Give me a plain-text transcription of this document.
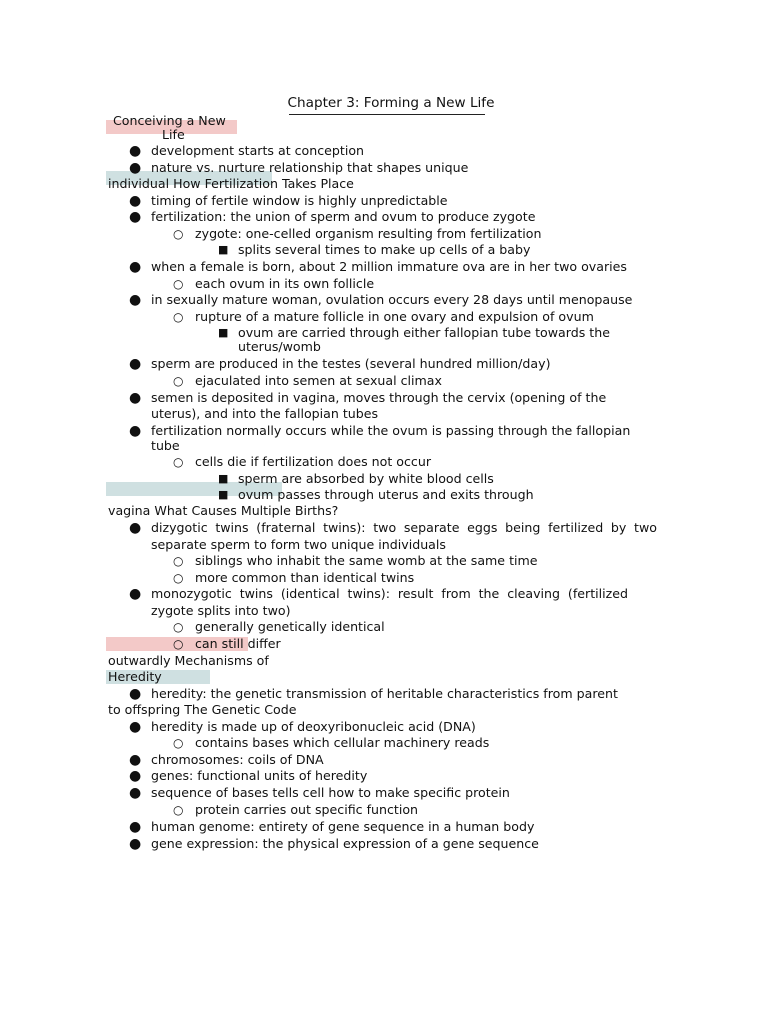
Chapter 3: Forming a New Life
Conceiving a New
Life
● development starts at conception
● nature vs. nurture relationship that shapes unique
individual How Fertilization Takes Place
● timing of fertile window is highly unpredictable
● fertilization: the union of sperm and ovum to produce zygote
○ zygote: one-celled organism resulting from fertilization
■ splits several times to make up cells of a baby
● when a female is born, about 2 million immature ova are in her two ovaries
○ each ovum in its own follicle
● in sexually mature woman, ovulation occurs every 28 days until menopause
○ rupture of a mature follicle in one ovary and expulsion of ovum
■ ovum are carried through either fallopian tube towards the
uterus/womb
● sperm are produced in the testes (several hundred million/day)
○ ejaculated into semen at sexual climax
● semen is deposited in vagina, moves through the cervix (opening of the
uterus), and into the fallopian tubes
● fertilization normally occurs while the ovum is passing through the fallopian
tube
○ cells die if fertilization does not occur
■ sperm are absorbed by white blood cells
■ ovum passes through uterus and exits through
vagina What Causes Multiple Births?
● dizygotic twins (fraternal twins): two separate eggs being fertilized by two
separate sperm to form two unique individuals
○ siblings who inhabit the same womb at the same time
○ more common than identical twins
● monozygotic twins (identical twins): result from the cleaving (fertilized
zygote splits into two)
○ generally genetically identical
○ can still differ
outwardly Mechanisms of
Heredity
● heredity: the genetic transmission of heritable characteristics from parent
to offspring The Genetic Code
● heredity is made up of deoxyribonucleic acid (DNA)
○ contains bases which cellular machinery reads
● chromosomes: coils of DNA
● genes: functional units of heredity
● sequence of bases tells cell how to make specific protein
○ protein carries out specific function
● human genome: entirety of gene sequence in a human body
● gene expression: the physical expression of a gene sequence
